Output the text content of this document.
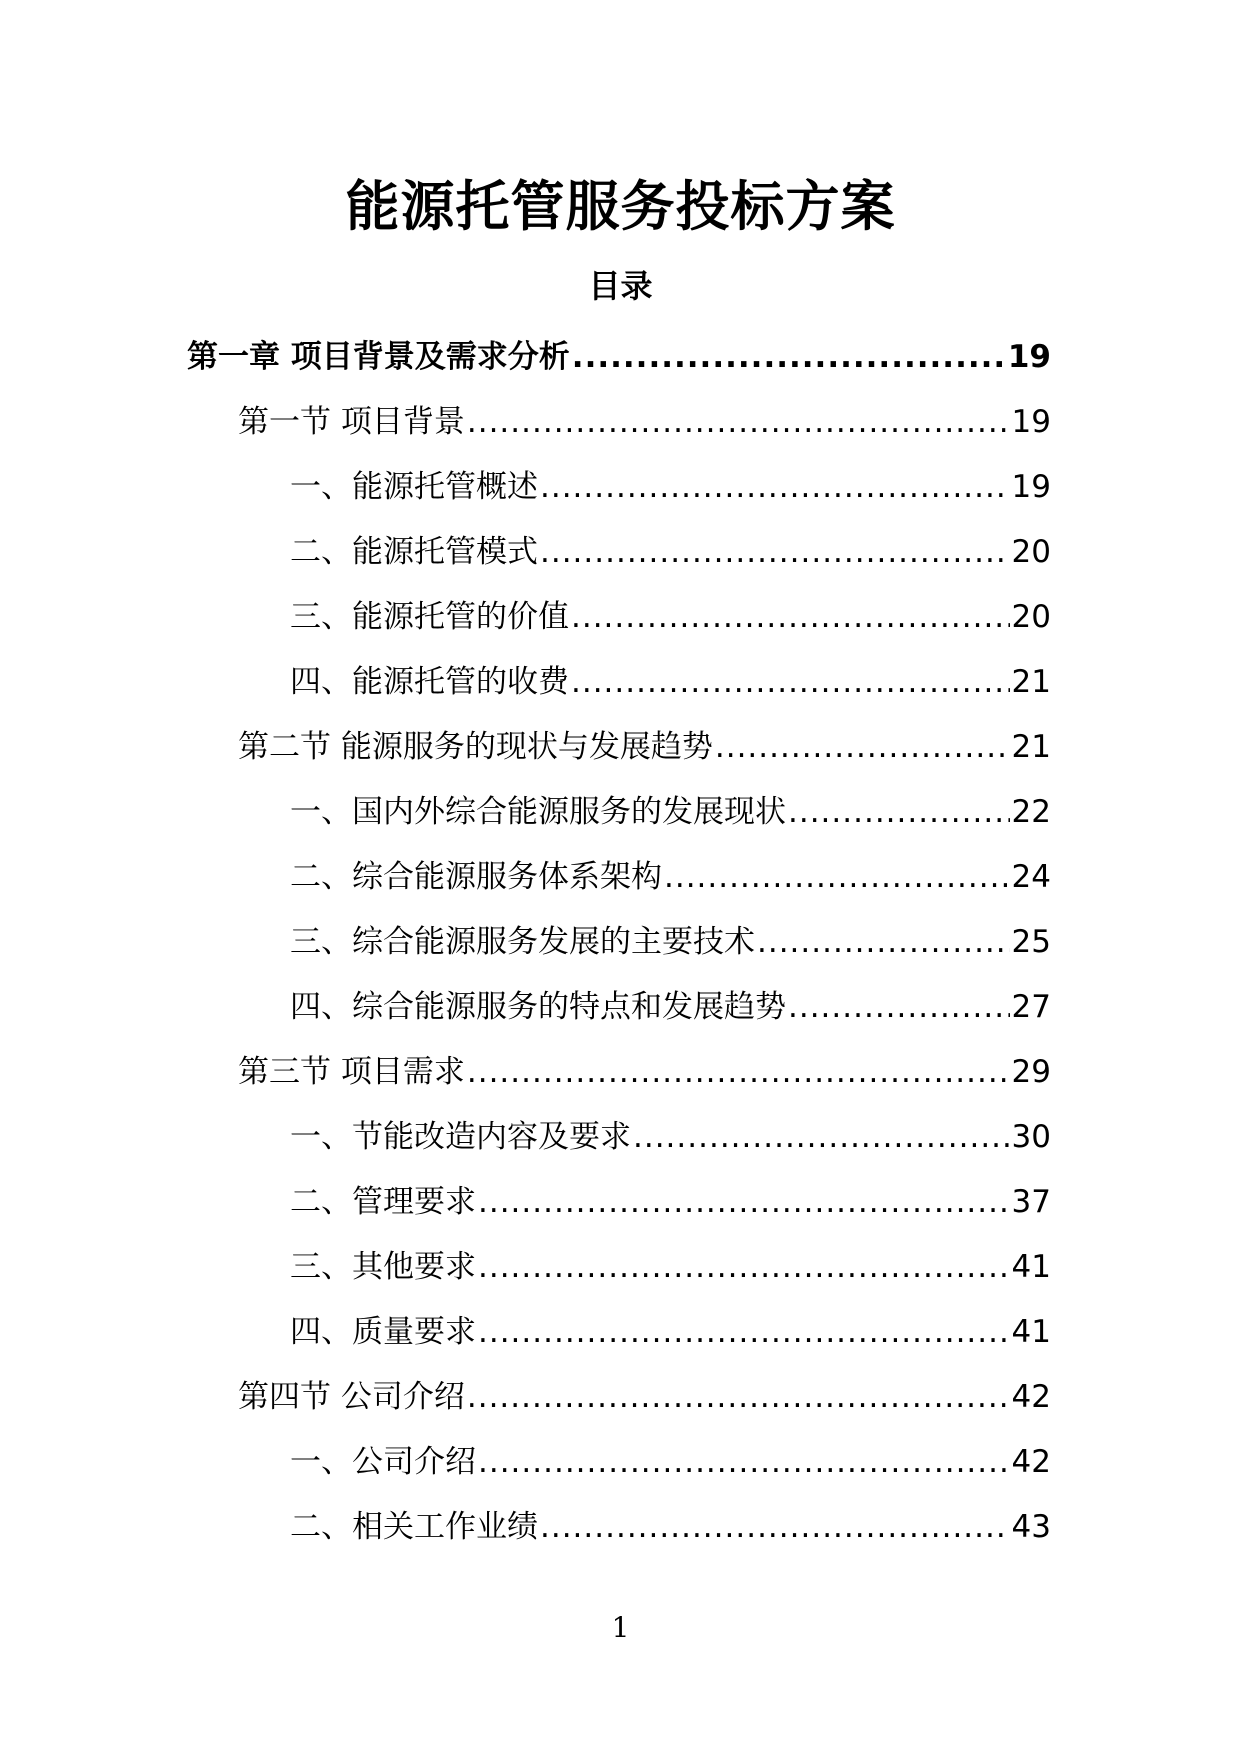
能源托管服务投标方案
目录
第一章 项目背景及需求分析 .....	19
第一节 项目背景 .....	19
一、能源托管概述 .....	19
二、能源托管模式 .....	20
三、能源托管的价值 .....	20
四、能源托管的收费 .....	21
第二节 能源服务的现状与发展趋势 .....	21
一、国内外综合能源服务的发展现状 .....	22
二、综合能源服务体系架构 .....	24
三、综合能源服务发展的主要技术 .....	25
四、综合能源服务的特点和发展趋势 .....	27
第三节 项目需求 .....	29
一、节能改造内容及要求 .....	30
二、管理要求 .....	37
三、其他要求 .....	41
四、质量要求 .....	41
第四节 公司介绍 .....	42
一、公司介绍 .....	42
二、相关工作业绩 .....	43
1
